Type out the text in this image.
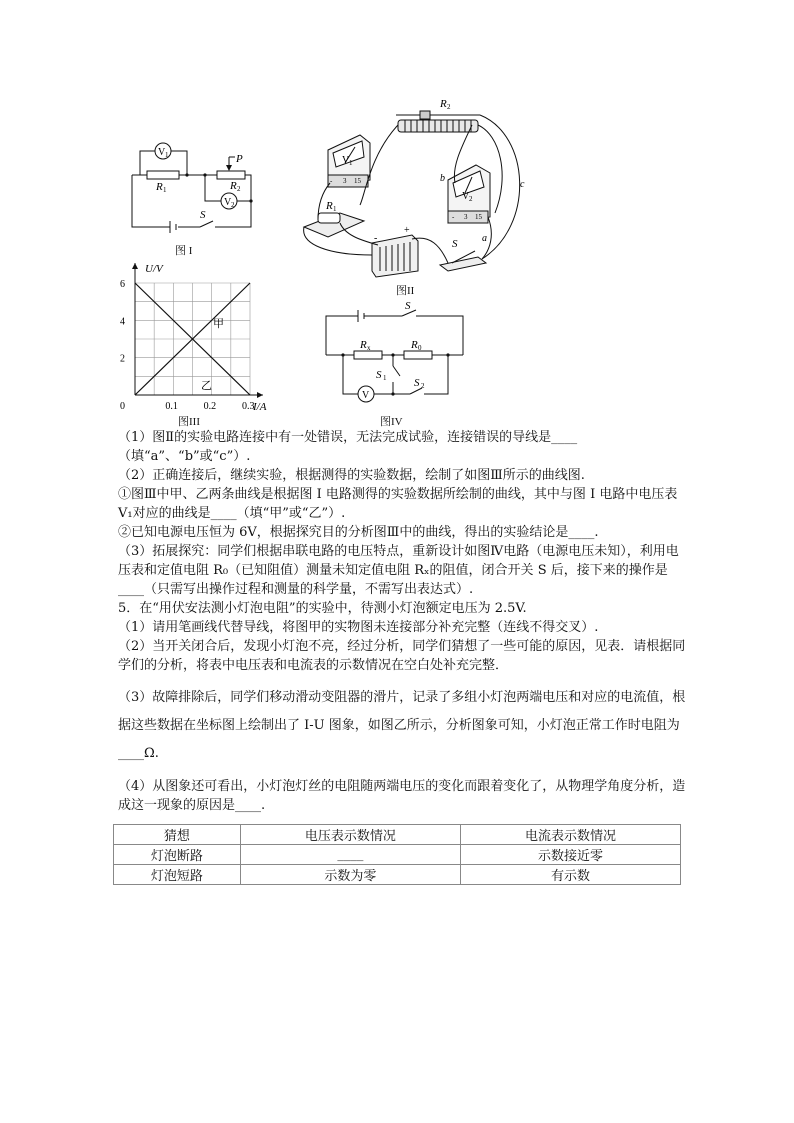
V 1
R 1
P
R 2
V 2
S
图 I
R 2
V 1
- 3 15
R 1
b
c
V 2
- 3 15
-
+
S a
图II
2
4
6
0	0.1	0.2	0.3
U/V
I/A
甲
乙
图III
S
R x	R 0
S 1	S 2
V
图IV

（1）图Ⅱ的实验电路连接中有一处错误，无法完成试验，连接错误的导线是____（填“a”、“b”或“c”）.

（2）正确连接后，继续实验，根据测得的实验数据，绘制了如图Ⅲ所示的曲线图.

①图Ⅲ中甲、乙两条曲线是根据图 I 电路测得的实验数据所绘制的曲线，其中与图 I 电路中电压表 V₁对应的曲线是____（填“甲”或“乙”）.

②已知电源电压恒为 6V，根据探究目的分析图Ⅲ中的曲线，得出的实验结论是____.

（3）拓展探究：同学们根据串联电路的电压特点，重新设计如图Ⅳ电路（电源电压未知），利用电压表和定值电阻 R₀（已知阻值）测量未知定值电阻 Rₓ的阻值，闭合开关 S 后，接下来的操作是____（只需写出操作过程和测量的科学量，不需写出表达式）.

5．在“用伏安法测小灯泡电阻”的实验中，待测小灯泡额定电压为 2.5V.

（1）请用笔画线代替导线，将图甲的实物图未连接部分补充完整（连线不得交叉）.

（2）当开关闭合后，发现小灯泡不亮，经过分析，同学们猜想了一些可能的原因，见表．请根据同学们的分析，将表中电压表和电流表的示数情况在空白处补充完整．

（3）故障排除后，同学们移动滑动变阻器的滑片，记录了多组小灯泡两端电压和对应的电流值，根据这些数据在坐标图上绘制出了 I-U 图象，如图乙所示，分析图象可知，小灯泡正常工作时电阻为____Ω.

（4）从图象还可看出，小灯泡灯丝的电阻随两端电压的变化而跟着变化了，从物理学角度分析，造成这一现象的原因是____.

猜想	电压表示数情况	电流表示数情况
灯泡断路	____	示数接近零
灯泡短路	示数为零	有示数
